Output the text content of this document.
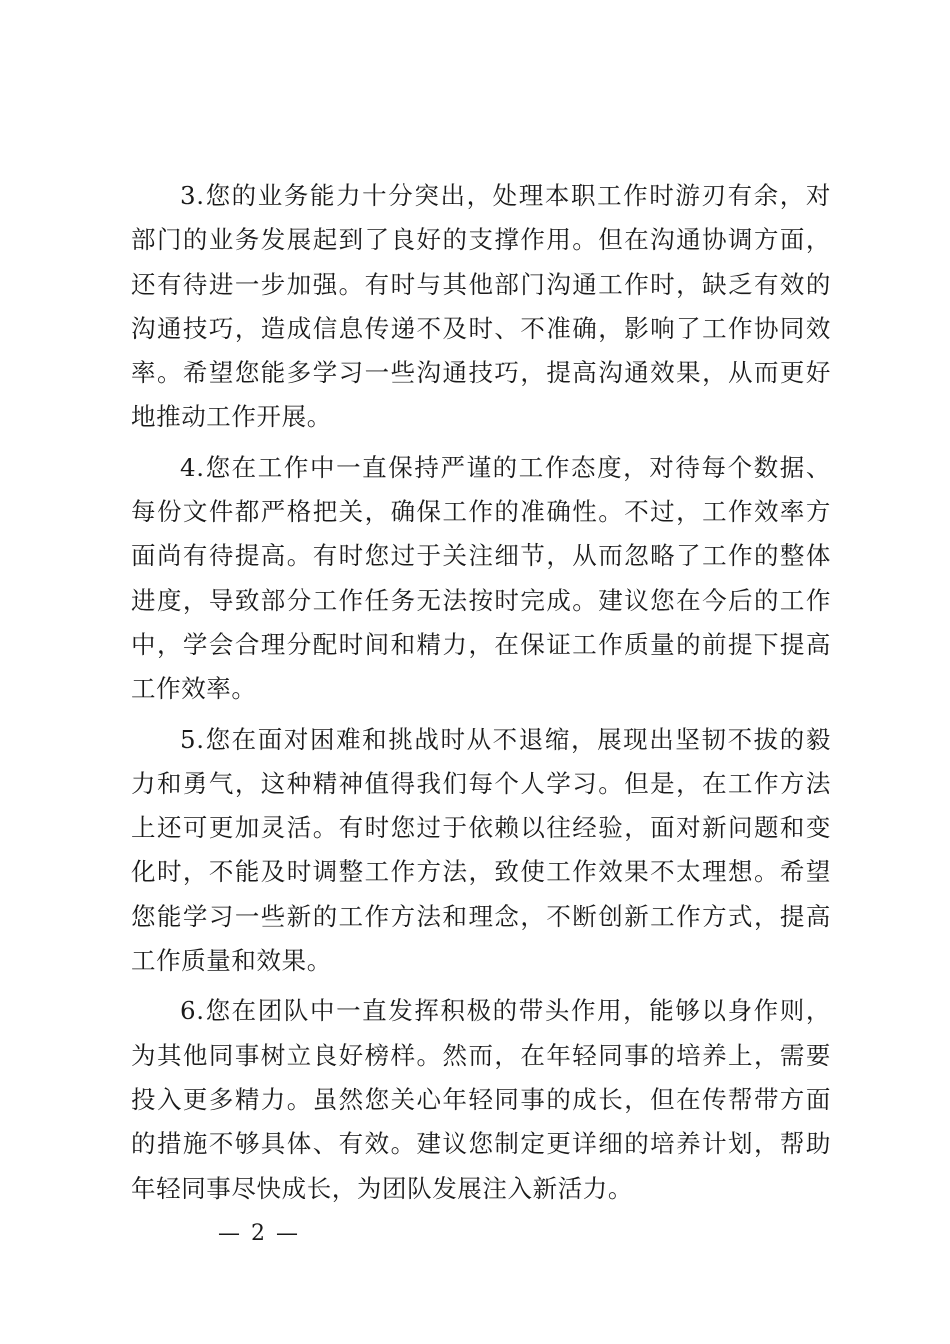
3.您的业务能力十分突出，处理本职工作时游刃有余，对部门的业务发展起到了良好的支撑作用。但在沟通协调方面，还有待进一步加强。有时与其他部门沟通工作时，缺乏有效的沟通技巧，造成信息传递不及时、不准确，影响了工作协同效率。希望您能多学习一些沟通技巧，提高沟通效果，从而更好地推动工作开展。

4.您在工作中一直保持严谨的工作态度，对待每个数据、每份文件都严格把关，确保工作的准确性。不过，工作效率方面尚有待提高。有时您过于关注细节，从而忽略了工作的整体进度，导致部分工作任务无法按时完成。建议您在今后的工作中，学会合理分配时间和精力，在保证工作质量的前提下提高工作效率。

5.您在面对困难和挑战时从不退缩，展现出坚韧不拔的毅力和勇气，这种精神值得我们每个人学习。但是，在工作方法上还可更加灵活。有时您过于依赖以往经验，面对新问题和变化时，不能及时调整工作方法，致使工作效果不太理想。希望您能学习一些新的工作方法和理念，不断创新工作方式，提高工作质量和效果。

6.您在团队中一直发挥积极的带头作用，能够以身作则，为其他同事树立良好榜样。然而，在年轻同事的培养上，需要投入更多精力。虽然您关心年轻同事的成长，但在传帮带方面的措施不够具体、有效。建议您制定更详细的培养计划，帮助年轻同事尽快成长，为团队发展注入新活力。

— 2 —
